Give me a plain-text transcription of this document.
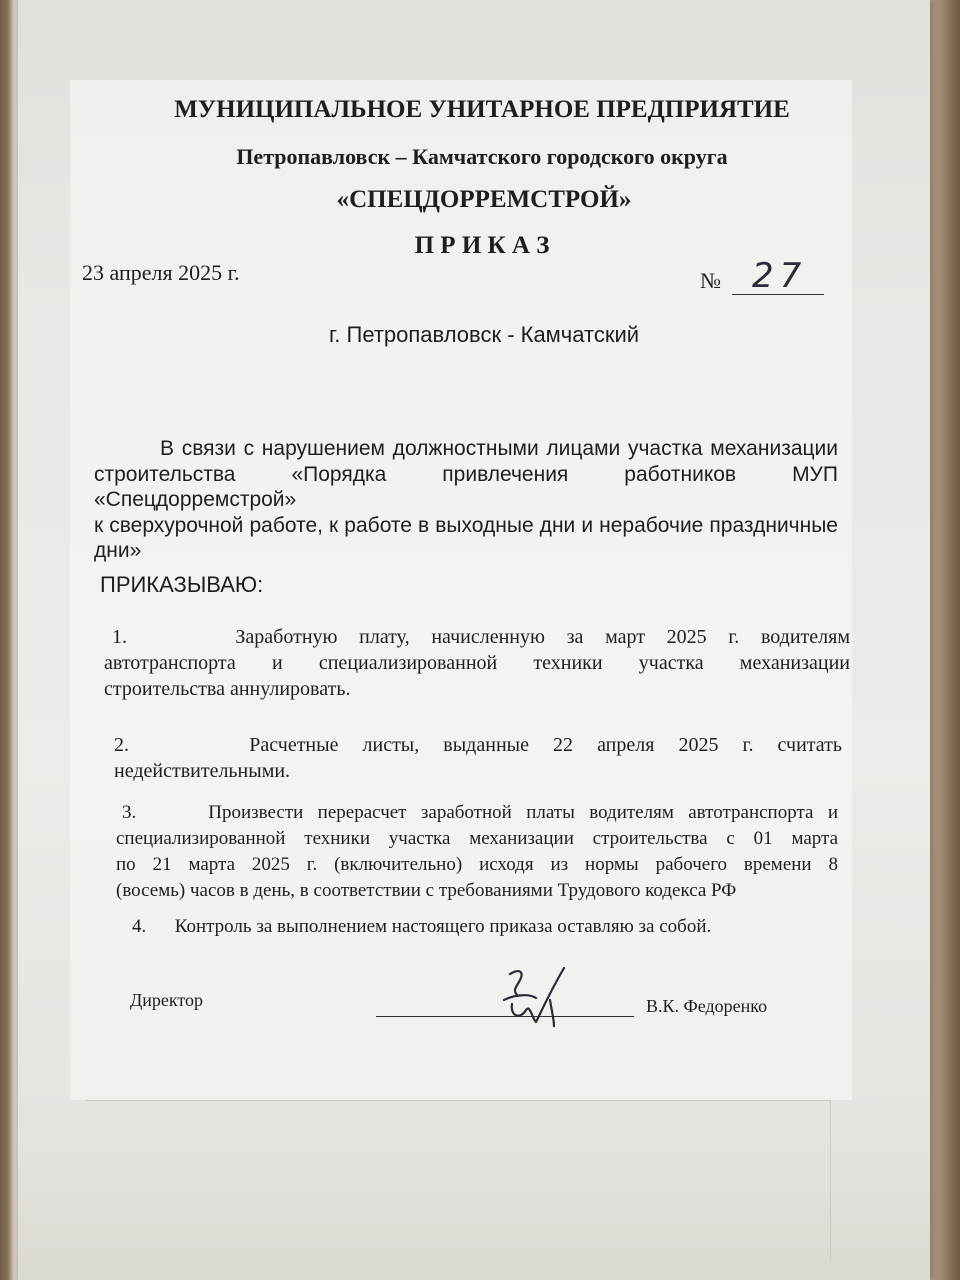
МУНИЦИПАЛЬНОЕ УНИТАРНОЕ ПРЕДПРИЯТИЕ
Петропавловск – Камчатского городского округа
«СПЕЦДОРРЕМСТРОЙ»
П Р И К А З
23 апреля 2025 г.	№ 27
г. Петропавловск - Камчатский
В связи с нарушением должностными лицами участка механизации
строительства «Порядка привлечения работников МУП «Спецдорремстрой»
к сверхурочной работе, к работе в выходные дни и нерабочие праздничные
дни»
ПРИКАЗЫВАЮ:
1.	Заработную плату, начисленную за март 2025 г. водителям
автотранспорта и специализированной техники участка механизации
строительства аннулировать.
2.	Расчетные листы, выданные 22 апреля 2025 г. считать
недействительными.
3.	Произвести перерасчет заработной платы водителям автотранспорта и
специализированной техники участка механизации строительства с 01 марта
по 21 марта 2025 г. (включительно) исходя из нормы рабочего времени 8
(восемь) часов в день, в соответствии с требованиями Трудового кодекса РФ
4. Контроль за выполнением настоящего приказа оставляю за собой.
Директор	В.К. Федоренко
